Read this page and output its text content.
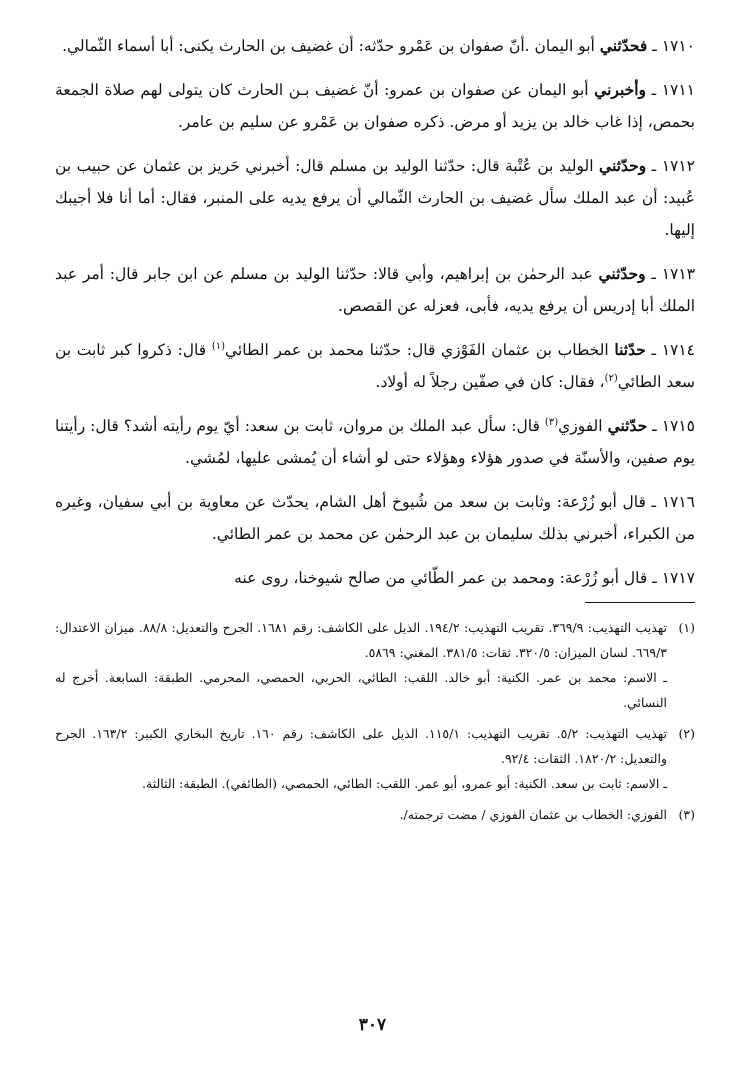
١٧١٠ ـ فحدّثني أبو اليمان .أنّ صفوان بن عَمْرو حدّثه: أن غضيف بن الحارث يكنى: أبا أسماء الثّمالي.

١٧١١ ـ وأخبرني أبو اليمان عن صفوان بن عمرو: أنّ غضيف بـن الحارث كان يتولى لهم صلاة الجمعة بحمص، إذا غاب خالد بن يزيد أو مرض. ذكره صفوان بن عَمْرو عن سليم بن عامر.

١٧١٢ ـ وحدّثني الوليد بن عُتْبة قال: حدّثنا الوليد بن مسلم قال: أخبرني حَريز بن عثمان عن حبيب بن عُبيد: أن عبد الملك سأل غضيف بن الحارث الثّمالي أن يرفع يديه على المنبر، فقال: أما أنا فلا أجيبك إليها.

١٧١٣ ـ وحدّثني عبد الرحمٰن بن إبراهيم، وأبي قالا: حدّثنا الوليد بن مسلم عن ابن جابر قال: أمر عبد الملك أبا إدريس أن يرفع يديه، فأبى، فعزله عن القصص.

١٧١٤ ـ حدّثنا الخطاب بن عثمان الفَوْزي قال: حدّثنا محمد بن عمر الطائي$^{(١)}$ قال: ذكروا كبر ثابت بن سعد الطائي$^{(٢)}$، فقال: كان في صفّين رجلاً له أولاد.

١٧١٥ ـ حدّثني الفوزي$^{(٣)}$ قال: سأل عبد الملك بن مروان، ثابت بن سعد: أيّ يوم رأيته أشد؟ قال: رأيتنا يوم صفين، والأسنّة في صدور هؤلاء وهؤلاء حتى لو أشاء أن يُمشى عليها، لمُشي.

١٧١٦ ـ قال أبو زُرْعة: وثابت بن سعد من شُيوخ أهل الشام، يحدّث عن معاوية بن أبي سفيان، وغيره من الكبراء، أخبرني بذلك سليمان بن عبد الرحمٰن عن محمد بن عمر الطائي.

١٧١٧ ـ قال أبو زُرْعة: ومحمد بن عمر الطّائي من صالح شيوخنا، روى عنه

(١)

تهذيب التهذيب: ٣٦٩/٩. تقريب التهذيب: ١٩٤/٢. الذيل على الكاشف: رقم ١٦٨١. الجرح والتعديل: ٨٨/٨. ميزان الاعتدال: ٦٦٩/٣. لسان الميزان: ٣٢٠/٥. ثقات: ٣٨١/٥. المغني: ٥٨٦٩.

ـ الاسم: محمد بن عمر. الكنية: أبو خالد. اللقب: الطائي، الحربي، الحمصي، المحرمي. الطبقة: السابعة. أخرج له النسائي.

(٢)

تهذيب التهذيب: ٥/٢. تقريب التهذيب: ١١٥/١. الذيل على الكاشف: رقم ١٦٠. تاريخ البخاري الكبير: ١٦٣/٢. الجرح والتعديل: ١٨٢٠/٢. الثقات: ٩٢/٤.

ـ الاسم: ثابت بن سعد. الكنية: أبو عمرو، أبو عمر. اللقب: الطائي، الحمصي، (الطائفي). الطبقة: الثالثة.

(٣)

الفوزي: الخطاب بن عثمان الفوزي / مضت ترجمته/.

٣٠٧
